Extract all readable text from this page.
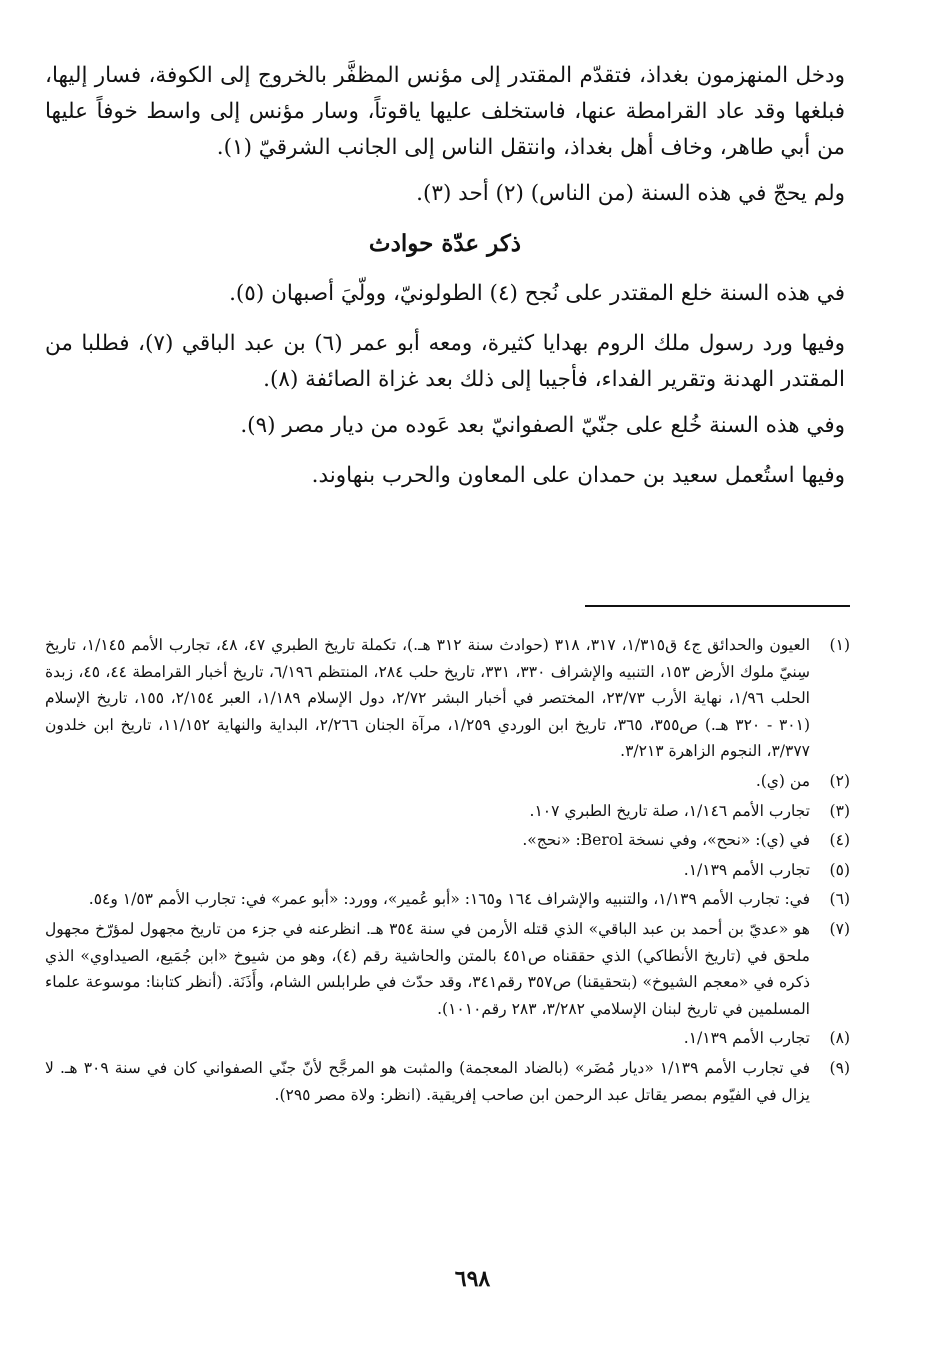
ودخل المنهزمون بغداذ، فتقدّم المقتدر إلى مؤنس المظفَّر بالخروج إلى الكوفة، فسار إليها، فبلغها وقد عاد القرامطة عنها، فاستخلف عليها ياقوتاً، وسار مؤنس إلى واسط خوفاً عليها من أبي طاهر، وخاف أهل بغداذ، وانتقل الناس إلى الجانب الشرقيّ (١).

ولم يحجّ في هذه السنة (من الناس) (٢) أحد (٣).

ذكر عدّة حوادث

في هذه السنة خلع المقتدر على نُجح (٤) الطولونيّ، وولّيَ أصبهان (٥).

وفيها ورد رسول ملك الروم بهدايا كثيرة، ومعه أبو عمر (٦) بن عبد الباقي (٧)، فطلبا من المقتدر الهدنة وتقرير الفداء، فأجيبا إلى ذلك بعد غزاة الصائفة (٨).

وفي هذه السنة خُلع على جنّيّ الصفوانيّ بعد عَوده من ديار مصر (٩).

وفيها استُعمل سعيد بن حمدان على المعاون والحرب بنهاوند.

(١)
العيون والحدائق ج٤ ق١/٣١٥، ٣١٧، ٣١٨ (حوادث سنة ٣١٢ هـ.)، تكملة تاريخ الطبري ٤٧، ٤٨، تجارب الأمم ١/١٤٥، تاريخ سِنيّ ملوك الأرض ١٥٣، التنبيه والإشراف ٣٣٠، ٣٣١، تاريخ حلب ٢٨٤، المنتظم ٦/١٩٦، تاريخ أخبار القرامطة ٤٤، ٤٥، زبدة الحلب ١/٩٦، نهاية الأرب ٢٣/٧٣، المختصر في أخبار البشر ٢/٧٢، دول الإسلام ١/١٨٩، العبر ٢/١٥٤، ١٥٥، تاريخ الإسلام (٣٠١ - ٣٢٠ هـ.) ص٣٥٥، ٣٦٥، تاريخ ابن الوردي ١/٢٥٩، مرآة الجنان ٢/٢٦٦، البداية والنهاية ١١/١٥٢، تاريخ ابن خلدون ٣/٣٧٧، النجوم الزاهرة ٣/٢١٣.
(٢)
من (ي).
(٣)
تجارب الأمم ١/١٤٦، صلة تاريخ الطبري ١٠٧.
(٤)
في (ي): «نحح»، وفي نسخة Berol: «نحج».
(٥)
تجارب الأمم ١/١٣٩.
(٦)
في: تجارب الأمم ١/١٣٩، والتنبيه والإشراف ١٦٤ و١٦٥: «أبو عُمير»، وورد: «أبو عمر» في: تجارب الأمم ١/٥٣ و٥٤.
(٧)
هو «عديّ بن أحمد بن عبد الباقي» الذي قتله الأرمن في سنة ٣٥٤ هـ. انظرعنه في جزء من تاريخ مجهول لمؤرّخ مجهول ملحق في (تاريخ الأنطاكي) الذي حققناه ص٤٥١ بالمتن والحاشية رقم (٤)، وهو من شيوخ «ابن جُمَيع، الصيداوي» الذي ذكره في «معجم الشيوخ» (بتحقيقنا) ص٣٥٧ رقم٣٤١، وقد حدّث في طرابلس الشام، وأَذَنَة. (أنظر كتابنا: موسوعة علماء المسلمين في تاريخ لبنان الإسلامي ٣/٢٨٢، ٢٨٣ رقم١٠١٠).
(٨)
تجارب الأمم ١/١٣٩.
(٩)
في تجارب الأمم ١/١٣٩ «ديار مُضَر» (بالضاد المعجمة) والمثبت هو المرجَّح لأنّ جنّي الصفواني كان في سنة ٣٠٩ هـ. لا يزال في الفيّوم بمصر يقاتل عبد الرحمن ابن صاحب إفريقية. (انظر: ولاة مصر ٢٩٥).
٦٩٨
